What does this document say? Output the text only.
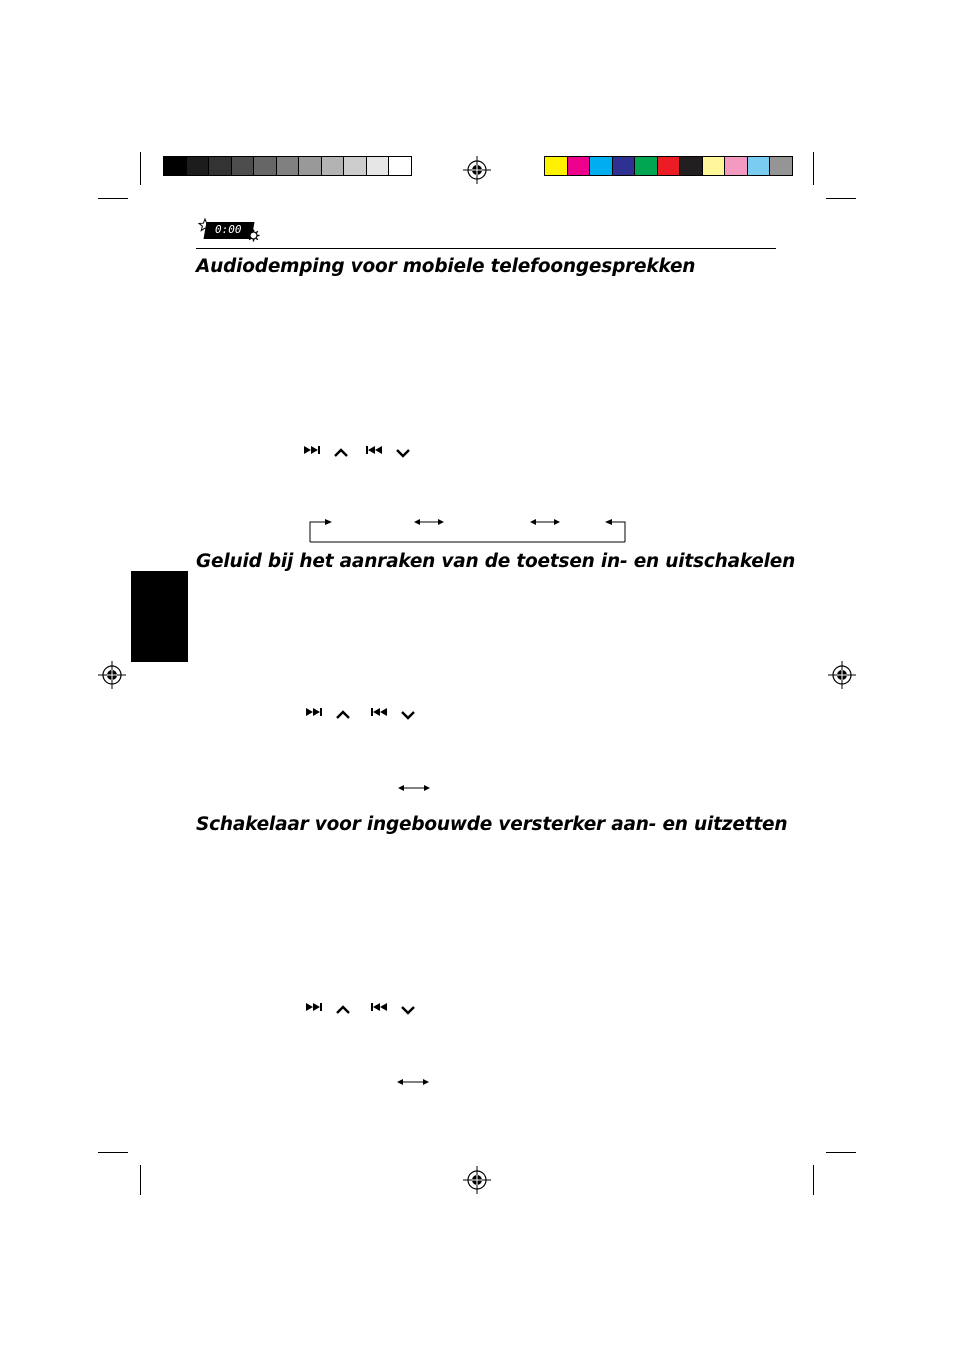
0:00
Audiodemping voor mobiele telefoongesprekken
Geluid bij het aanraken van de toetsen in- en uitschakelen
Schakelaar voor ingebouwde versterker aan- en uitzetten
